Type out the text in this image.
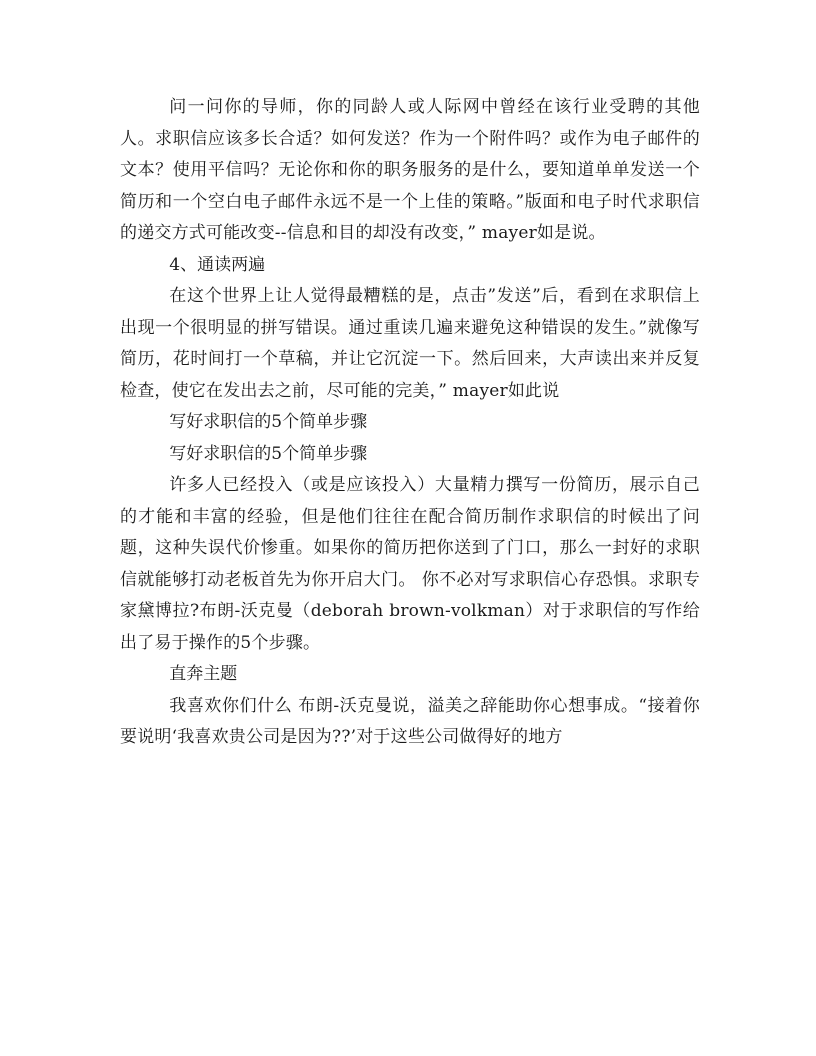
问一问你的导师，你的同龄人或人际网中曾经在该行业受聘的其他人。求职信应该多长合适？如何发送？作为一个附件吗？或作为电子邮件的文本？使用平信吗？无论你和你的职务服务的是什么，要知道单单发送一个简历和一个空白电子邮件永远不是一个上佳的策略。”版面和电子时代求职信的递交方式可能改变--信息和目的却没有改变，” mayer如是说。

4、通读两遍

在这个世界上让人觉得最糟糕的是，点击”发送”后，看到在求职信上出现一个很明显的拼写错误。通过重读几遍来避免这种错误的发生。”就像写简历，花时间打一个草稿，并让它沉淀一下。然后回来，大声读出来并反复检查，使它在发出去之前，尽可能的完美，” mayer如此说

写好求职信的5个简单步骤

写好求职信的5个简单步骤

许多人已经投入（或是应该投入）大量精力撰写一份简历，展示自己的才能和丰富的经验，但是他们往往在配合简历制作求职信的时候出了问题，这种失误代价惨重。如果你的简历把你送到了门口，那么一封好的求职信就能够打动老板首先为你开启大门。 你不必对写求职信心存恐惧。求职专家黛博拉?布朗-沃克曼（deborah brown-volkman）对于求职信的写作给出了易于操作的5个步骤。

直奔主题

我喜欢你们什么 布朗-沃克曼说，溢美之辞能助你心想事成。“接着你要说明‘我喜欢贵公司是因为??’对于这些公司做得好的地方
